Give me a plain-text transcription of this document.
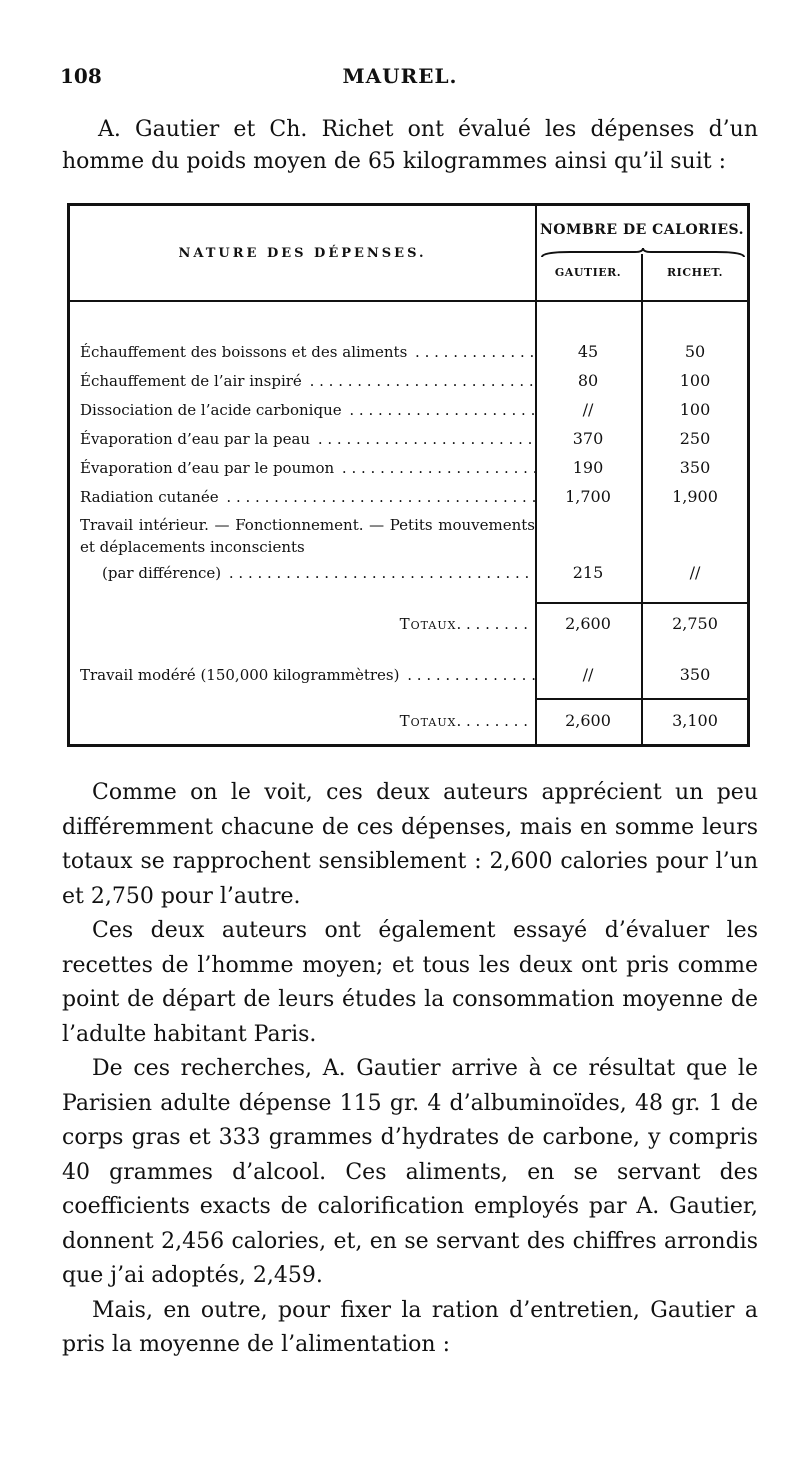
108	MAUREL.

A. Gautier et Ch. Richet ont évalué les dépenses d’un homme du poids moyen de 65 kilogrammes ainsi qu’il suit :

NATURE DES DÉPENSES.
NOMBRE DE CALORIES.
GAUTIER.	RICHET.
Échauffement des boissons et des aliments . . .	45	50
Échauffement de l’air inspiré . . .	80	100
Dissociation de l’acide carbonique . . .	//	100
Évaporation d’eau par la peau . . .	370	250
Évaporation d’eau par le poumon . . .	190	350
Radiation cutanée . . .	1,700	1,900
Travail intérieur. — Fonctionnement. — Petits mouvements et déplacements inconscients
(par différence) . . .	215	//
Totaux. . . . . . . .	2,600	2,750
Travail modéré (150,000 kilogrammètres) . . .	//	350
Totaux. . . . . . . .	2,600	3,100

Comme on le voit, ces deux auteurs apprécient un peu différemment chacune de ces dépenses, mais en somme leurs totaux se rapprochent sensiblement : 2,600 calories pour l’un et 2,750 pour l’autre.

Ces deux auteurs ont également essayé d’évaluer les recettes de l’homme moyen; et tous les deux ont pris comme point de départ de leurs études la consommation moyenne de l’adulte habitant Paris.

De ces recherches, A. Gautier arrive à ce résultat que le Parisien adulte dépense 115 gr. 4 d’albuminoïdes, 48 gr. 1 de corps gras et 333 grammes d’hydrates de carbone, y compris 40 grammes d’alcool. Ces aliments, en se servant des coefficients exacts de calorification employés par A. Gautier, donnent 2,456 calories, et, en se servant des chiffres arrondis que j’ai adoptés, 2,459.

Mais, en outre, pour fixer la ration d’entretien, Gautier a pris la moyenne de l’alimentation :
